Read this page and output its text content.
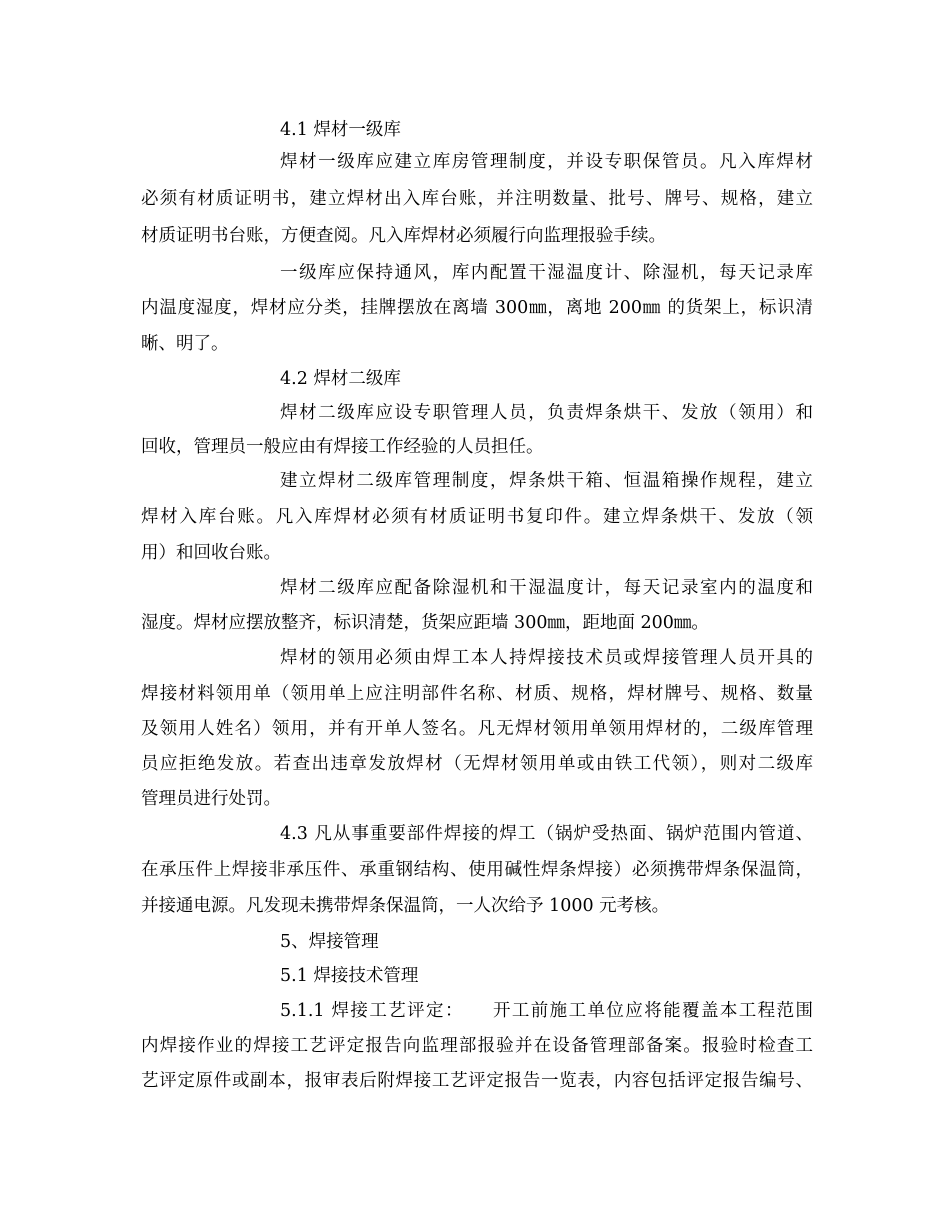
4.1 焊材一级库
焊材一级库应建立库房管理制度，并设专职保管员。凡入库焊材
必须有材质证明书，建立焊材出入库台账，并注明数量、批号、牌号、规格，建立
材质证明书台账，方便查阅。凡入库焊材必须履行向监理报验手续。
一级库应保持通风，库内配置干湿温度计、除湿机，每天记录库
内温度湿度，焊材应分类，挂牌摆放在离墙 300㎜，离地 200㎜ 的货架上，标识清
晰、明了。
4.2 焊材二级库
焊材二级库应设专职管理人员，负责焊条烘干、发放（领用）和
回收，管理员一般应由有焊接工作经验的人员担任。
建立焊材二级库管理制度，焊条烘干箱、恒温箱操作规程，建立
焊材入库台账。凡入库焊材必须有材质证明书复印件。建立焊条烘干、发放（领
用）和回收台账。
焊材二级库应配备除湿机和干湿温度计，每天记录室内的温度和
湿度。焊材应摆放整齐，标识清楚，货架应距墙 300㎜，距地面 200㎜。
焊材的领用必须由焊工本人持焊接技术员或焊接管理人员开具的
焊接材料领用单（领用单上应注明部件名称、材质、规格，焊材牌号、规格、数量
及领用人姓名）领用，并有开单人签名。凡无焊材领用单领用焊材的，二级库管理
员应拒绝发放。若查出违章发放焊材（无焊材领用单或由铁工代领），则对二级库
管理员进行处罚。
4.3 凡从事重要部件焊接的焊工（锅炉受热面、锅炉范围内管道、
在承压件上焊接非承压件、承重钢结构、使用碱性焊条焊接）必须携带焊条保温筒，
并接通电源。凡发现未携带焊条保温筒，一人次给予 1000 元考核。
5、焊接管理
5.1 焊接技术管理
5.1.1 焊接工艺评定：　　开工前施工单位应将能覆盖本工程范围
内焊接作业的焊接工艺评定报告向监理部报验并在设备管理部备案。报验时检查工
艺评定原件或副本，报审表后附焊接工艺评定报告一览表，内容包括评定报告编号、
